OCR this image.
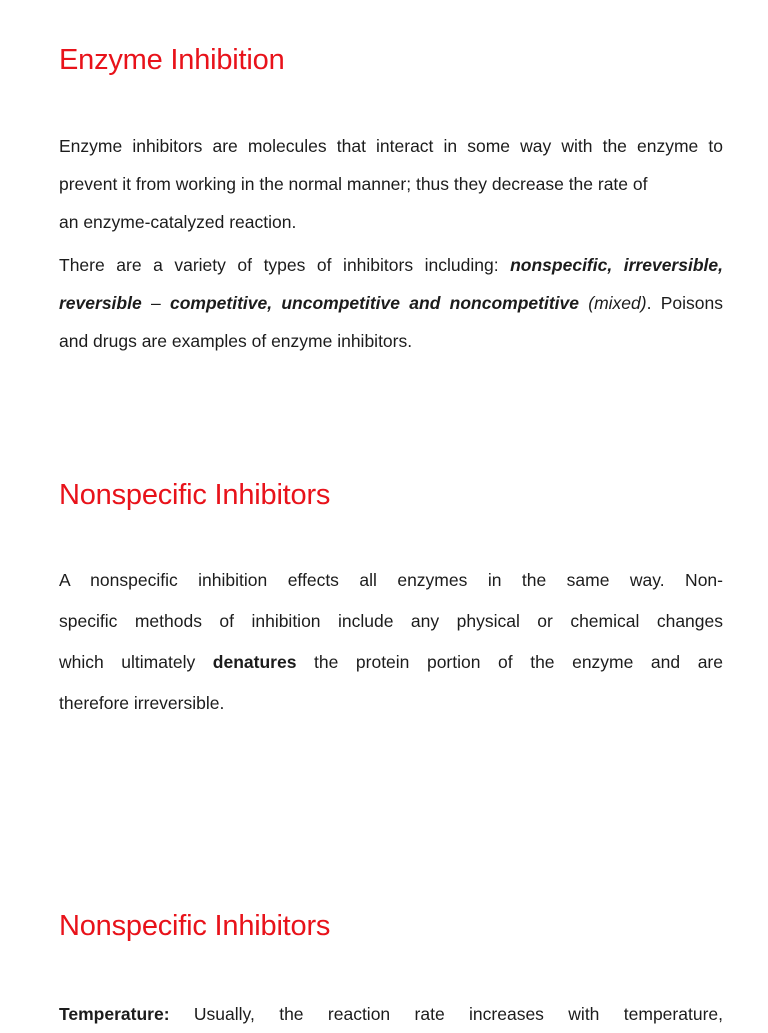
Enzyme Inhibition

Enzyme inhibitors are molecules that interact in some way with the enzyme to
prevent it from working in the normal manner; thus they decrease the rate of
an enzyme-catalyzed reaction.

There are a variety of types of inhibitors including: nonspecific, irreversible,
reversible – competitive, uncompetitive and noncompetitive (mixed). Poisons
and drugs are examples of enzyme inhibitors.

Nonspecific Inhibitors

A nonspecific inhibition effects all enzymes in the same way. Non-
specific methods of inhibition include any physical or chemical changes
which ultimately denatures the protein portion of the enzyme and are
therefore irreversible.

Nonspecific Inhibitors

Temperature: Usually, the reaction rate increases with temperature,
